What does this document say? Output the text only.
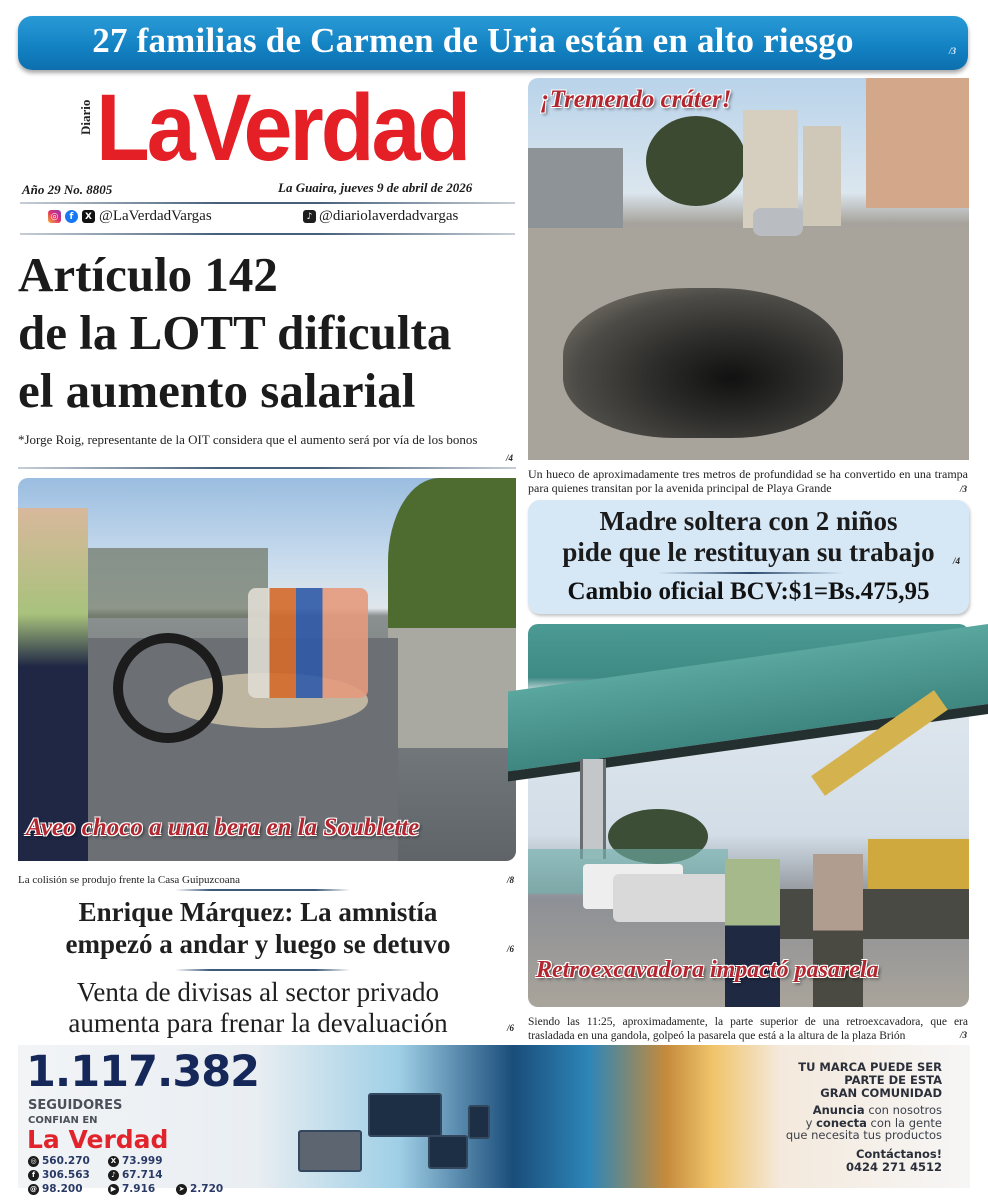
27 familias de Carmen de Uria están en alto riesgo	/3
Diario LaVerdad
Año 29 No. 8805	La Guaira, jueves 9 de abril de 2026
◎	f	X @LaVerdadVargas	♪ @diariolaverdadvargas
Artículo 142
de la LOTT dificulta
el aumento salarial
*Jorge Roig, representante de la OIT considera que el aumento será por vía de los bonos
/4
¡Tremendo cráter!
Un hueco de aproximadamente tres metros de profundidad se ha convertido en una trampa para quienes transitan por la avenida principal de Playa Grande	/3
Madre soltera con 2 niños
pide que le restituyan su trabajo	/4
Cambio oficial BCV:$1=Bs.475,95
Aveo choco a una bera en la Soublette
La colisión se produjo frente la Casa Guipuzcoana	/8
Enrique Márquez: La amnistía
empezó a andar y luego se detuvo	/6
Venta de divisas al sector privado
aumenta para frenar la devaluación	/6
Retroexcavadora impactó pasarela
Siendo las 11:25, aproximadamente, la parte superior de una retroexcavadora, que era trasladada en una gandola, golpeó la pasarela que está a la altura de la plaza Brión	/3
1.117.382
SEGUIDORES
CONFIAN EN
La Verdad
◎ 560.270	X 73.999
f 306.563	♪ 67.714
@ 98.200	▶ 7.916	➤ 2.720
TU MARCA PUEDE SER
PARTE DE ESTA
GRAN COMUNIDAD
Anuncia con nosotros
y conecta con la gente
que necesita tus productos
Contáctanos!
0424 271 4512
